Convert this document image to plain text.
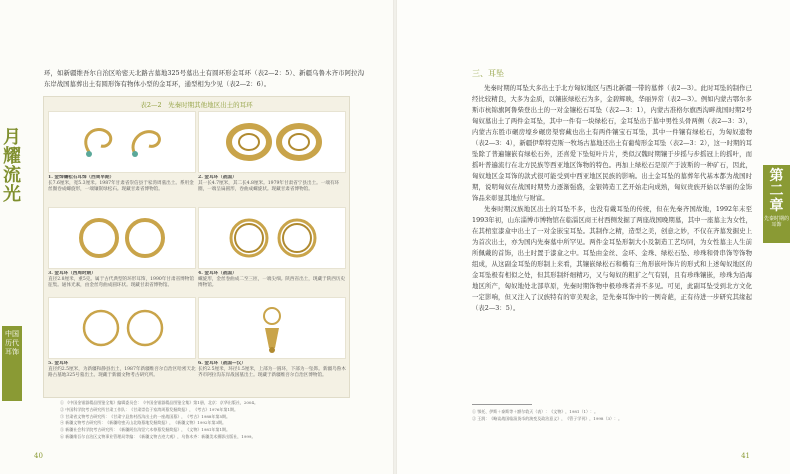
月耀流光
中国历代耳饰
环，如新疆维吾尔自治区哈密天北路古墓地325号墓出土有圆环形金耳环（表2—2：5）、新疆乌鲁木齐市阿拉沟东岸战国墓葬出土有圆形饰有物体小型的金耳环，通型相为少见（表2—2：6）。
表2—2　先秦时期其他地区出土的耳环
1. 金饰镶松石耳饰（西周早期）
长7.6厘米，宽5.3厘米。1987年甘肃省崇信县于家湾周墓出土。系用金丝圈卷成螺旋形，一端镶嵌绿松石。现藏甘肃省博物馆。
2. 金耳环（战国）
其一长4.7厘米，其二长4.8厘米。1979年甘肃省宁县出土。一端有环圈，一端呈扁圆形，卷曲成螺旋状。现藏甘肃省博物馆。
3. 金耳环（西周时期）
直径2.8厘米，重5克。属于古代典型的环形耳饰，1990年甘肃省博物馆征集。通体光素，由金丝弯曲成圆环状。现藏甘肃省博物馆。
4. 金耳环（战国）
螺旋形，金丝卷曲成二至三匝，一端尖细。陕西省出土，现藏于陕西历史博物馆。
5. 金耳环
直径约2.5厘米，为新疆和静县出土，1987年新疆维吾尔自治区哈密天北路古墓地325号墓出土。现藏于新疆文物考古研究所。
6. 金耳环（战国—汉）
长约2.5厘米，环径1.5厘米，上部为一圆环，下部为一坠饰。新疆乌鲁木齐市阿拉沟东岸战国墓出土。现藏于新疆维吾尔自治区博物馆。
① 《中国金银器精品图鉴全集》编辑委员会：《中国金银器精品图鉴全集》第1册，北京：京华出版社，2004。
② 中国科学院考古研究所甘肃工作队：《甘肃崇信于家湾周墓发掘简报》，《考古》1976年第1期。
③ 甘肃省文物考古研究所：《甘肃宁县焦村西沟出土的一座战国墓》，《考古》1988年第5期。
④ 新疆文物考古研究所：《新疆哈密天山北路墓地发掘简报》，《新疆文物》1992年第3期。
⑤ 新疆社会科学院考古研究所：《新疆阿拉沟竖穴木椁墓发掘简报》，《文物》1981年第1期。
⑥ 新疆维吾尔自治区文物事业管理局等编：《新疆文物古迹大观》，乌鲁木齐：新疆美术摄影出版社，1999。
40
三、耳坠

先秦时期的耳坠大多出土于北方匈奴地区与西北新疆一带的墓葬（表2—3）。此时耳坠的制作已经比较精良，大多为金质，以镶嵌绿松石为多，金碧辉映，华丽异常（表2—3）。例如内蒙古鄂尔多斯市杭锦旗阿鲁柴登出土的一对金镶松石耳坠（表2—3：1），内蒙古准格尔旗西沟畔战国时期2号匈奴墓出土了两件金耳坠，其中一件有一块绿松石，金耳坠出于墓中男性头骨两侧（表2—3：3），内蒙古东胜市碾房壕乡碾房渠窖藏也出土有两件镶宝石耳坠，其中一件镶有绿松石，为匈奴遗物（表2—3：4），新疆伊犁特克斯一牧场古墓地还出土有葡萄形金耳坠（表2—3：2），这一时期的耳坠除了普遍镶嵌有绿松石外，还喜爱下坠短叶片片，类似汉魏时期镶于步摇与步摇冠上的摇叶，而摇叶普遍流行在北方民族等西亚地区饰物的特色。再加上绿松石是原产于波斯的一种矿石，因此，匈奴地区金耳饰的款式很可能受到中西亚地区民族的影响。出土金耳坠的墓葬年代基本都为战国时期，说明匈奴在战国时期势力逐渐强盛，金银铸造工艺开始走向成熟，匈奴贵族开始以华丽的金饰饰品来彰显其地位与财富。

先秦时期汉族地区出土的耳坠不多，也没有戴耳坠的传统，但在先秦齐国故地，1992年末至1993年初，山东淄博市博物馆在临淄区商王村西侧发掘了两座战国晚期墓，其中一座墓主为女性，在其棺室漆盒中出土了一对金嵌宝耳坠。其制作之精，造型之美，创意之妙，不仅在齐墓发掘史上为首次出土，亦为国内先秦墓中所罕见。两件金耳坠形制大小及制造工艺均同，为女性墓主人生前所佩戴的首饰，出土时置于漆盒之中。耳坠由金丝、金环、金珠、绿松石坠、珍珠和骨串饰等饰物组成，从这副金耳坠的形制上来看，其镶嵌绿松石和椭有三角形嵌叶饰片的形式和上述匈奴地区的金耳坠极有相似之处，但其形制纤细精巧，又与匈奴的粗犷之气有别，且有珍珠镶嵌，珍珠为沿海地区所产，匈奴地处北部草原，先秦时期饰物中极珍珠者并不多见。可见，此副耳坠受到北方文化一定影响，但又注入了汉族特有的审美观念，是先秦耳饰中的一例奇葩，正有待进一步研究其缘起（表2—3：5）。

① 鄂托、伊斯＋泰斯等＋额尔敦天（表）：《文物》，1981（1）：。
② 王润：《略谈战国临淄货币的演变及政治意义》，《管子学刊》，1998（3）：。
第二章
先秦时期的耳饰
41
